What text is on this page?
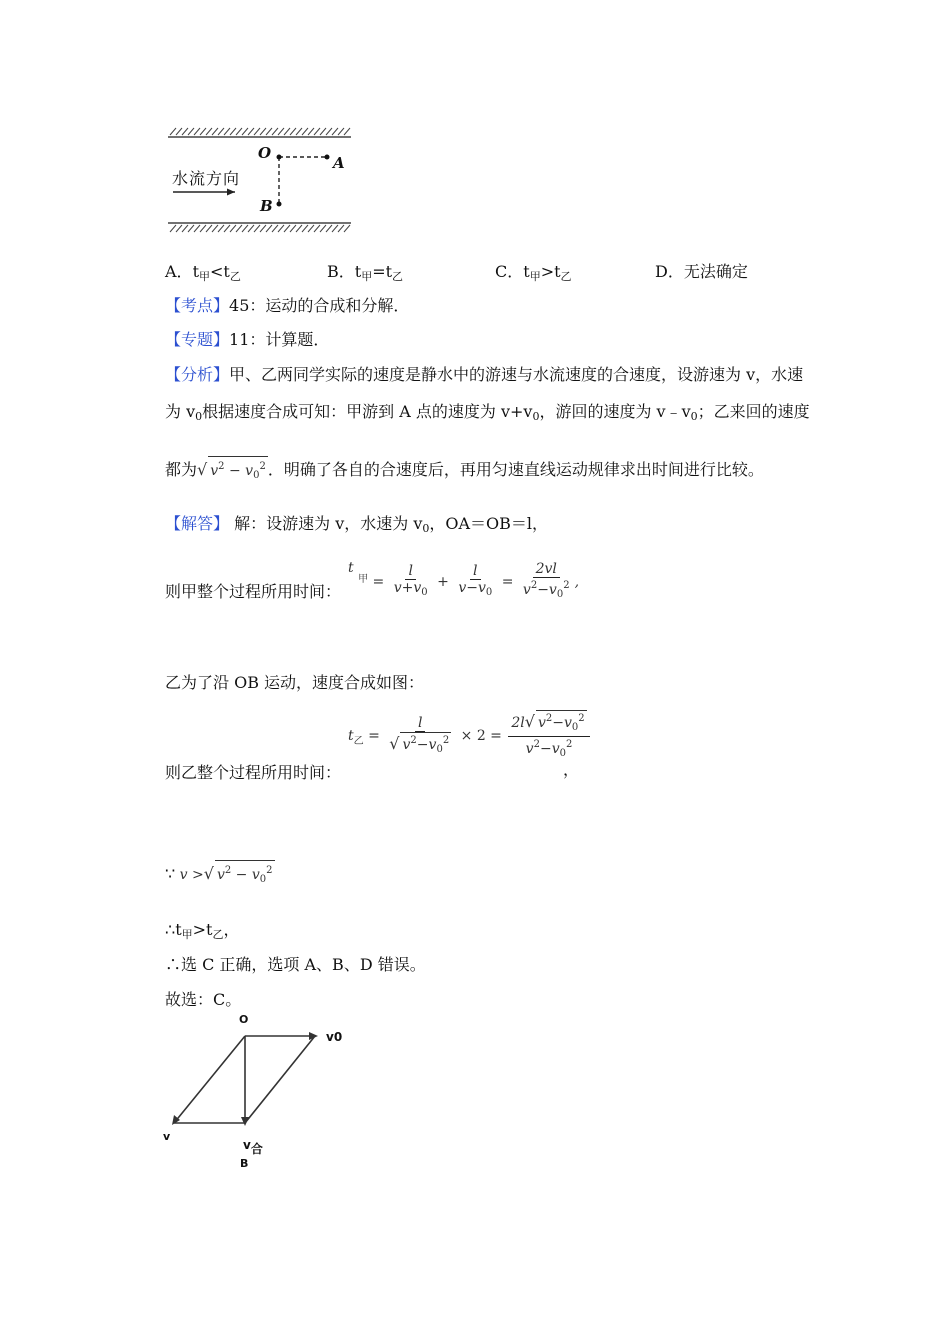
O
A
B
水流方向
A．$t_甲<t_乙$	B．$t_甲=t_乙$	C．$t_甲>t_乙$	D．无法确定
【考点】45：运动的合成和分解．
【专题】11：计算题．
【分析】甲、乙两同学实际的速度是静水中的游速与水流速度的合速度，设游速为 v，水速
为 $v_0$根据速度合成可知：甲游到 A 点的速度为 $v+v_0$，游回的速度为 $v﹣v_0$；乙来回的速度
都为√ $v^2 - v_0^2$ ．明确了各自的合速度后，再用匀速直线运动规律求出时间进行比较。
【解答】 解：设游速为 v，水速为 $v_0$，OA＝OB＝l，
t $^甲 = \frac{l}{v+v_0} + \frac{l}{v-v_0} = \frac{2vl}{v^2-v_0^2}$ ,
则甲整个过程所用时间：
乙为了沿 OB 运动，速度合成如图：
$t_乙 = \frac{l}{√ v^2-v_0^2} \times 2 = \frac{2l√ v^2-v_0^2}{v^2-v_0^2}$
则乙整个过程所用时间：	，
∵ v >√ $v^2 - v_0^2$
$\therefore t_甲>t_乙$，
∴选 C 正确，选项 A、B、D 错误。
故选：C。
O
v0
v
v合
B
